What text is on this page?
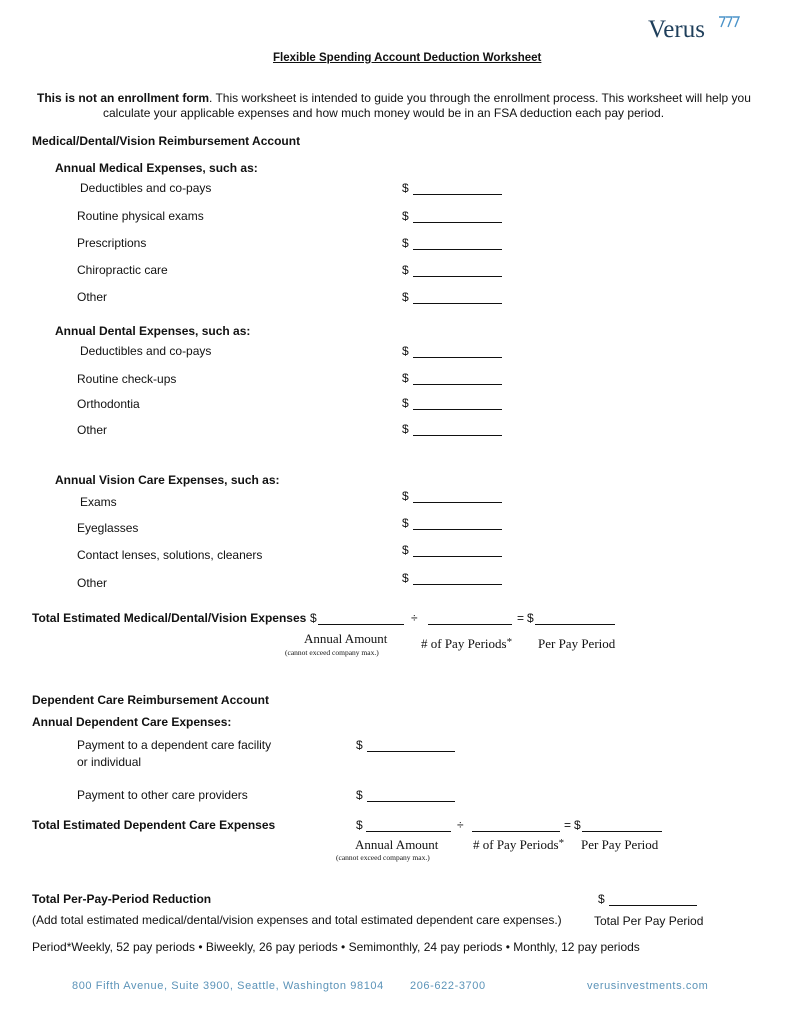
Verus
Flexible Spending Account Deduction Worksheet
This is not an enrollment form. This worksheet is intended to guide you through the enrollment process. This worksheet will help you
calculate your applicable expenses and how much money would be in an FSA deduction each pay period.
Medical/Dental/Vision Reimbursement Account
Annual Medical Expenses, such as:
Deductibles and co-pays	$
Routine physical exams	$
Prescriptions	$
Chiropractic care	$
Other	$
Annual Dental Expenses, such as:
Deductibles and co-pays	$
Routine check-ups	$
Orthodontia	$
Other	$
Annual Vision Care Expenses, such as:
Exams	$
Eyeglasses	$
Contact lenses, solutions, cleaners	$
Other	$
Total Estimated Medical/Dental/Vision Expenses $	÷	= $
Annual Amount
(cannot exceed company max.)
# of Pay Periods* Per Pay Period
Dependent Care Reimbursement Account
Annual Dependent Care Expenses:
Payment to a dependent care facility
or individual
$
Payment to other care providers	$
Total Estimated Dependent Care Expenses	$	÷	= $
Annual Amount
(cannot exceed company max.)
# of Pay Periods* Per Pay Period
Total Per-Pay-Period Reduction	$
(Add total estimated medical/dental/vision expenses and total estimated dependent care expenses.)	Total Per Pay Period
Period*Weekly, 52 pay periods • Biweekly, 26 pay periods • Semimonthly, 24 pay periods • Monthly, 12 pay periods
800 Fifth Avenue, Suite 3900, Seattle, Washington 98104 206-622-3700	verusinvestments.com
